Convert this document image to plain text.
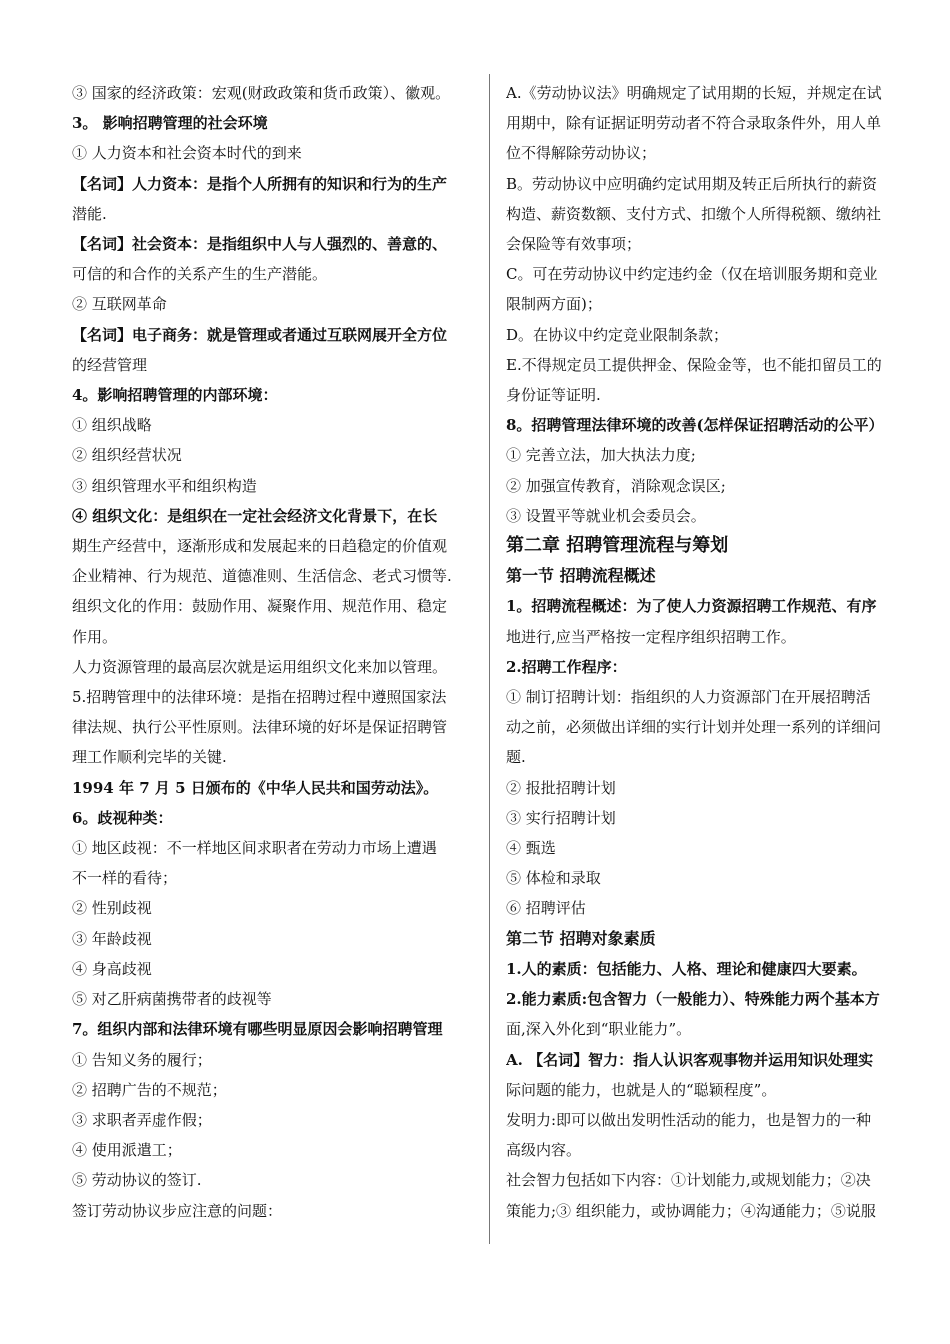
③ 国家的经济政策：宏观(财政政策和货币政策）、徽观。
3。 影响招聘管理的社会环境
① 人力资本和社会资本时代的到来
【名词】人力资本：是指个人所拥有的知识和行为的生产
潜能.
【名词】社会资本：是指组织中人与人强烈的、善意的、
可信的和合作的关系产生的生产潜能。
② 互联网革命
【名词】电子商务：就是管理或者通过互联网展开全方位
的经营管理
4。影响招聘管理的内部环境：
① 组织战略
② 组织经营状况
③ 组织管理水平和组织构造
④ 组织文化：是组织在一定社会经济文化背景下，在长
期生产经营中，逐渐形成和发展起来的日趋稳定的价值观
企业精神、行为规范、道德准则、生活信念、老式习惯等.
组织文化的作用：鼓励作用、凝聚作用、规范作用、稳定
作用。
人力资源管理的最高层次就是运用组织文化来加以管理。
5.招聘管理中的法律环境：是指在招聘过程中遵照国家法
律法规、执行公平性原则。法律环境的好坏是保证招聘管
理工作顺利完毕的关键.
1994 年 7 月 5 日颁布的《中华人民共和国劳动法》。
6。歧视种类：
① 地区歧视：不一样地区间求职者在劳动力市场上遭遇
不一样的看待；
② 性别歧视
③ 年龄歧视
④ 身高歧视
⑤ 对乙肝病菌携带者的歧视等
7。组织内部和法律环境有哪些明显原因会影响招聘管理
① 告知义务的履行；
② 招聘广告的不规范；
③ 求职者弄虚作假；
④ 使用派遣工；
⑤ 劳动协议的签订.
签订劳动协议步应注意的问题：
A.《劳动协议法》明确规定了试用期的长短，并规定在试
用期中，除有证据证明劳动者不符合录取条件外，用人单
位不得解除劳动协议；
B。劳动协议中应明确约定试用期及转正后所执行的薪资
构造、薪资数额、支付方式、扣缴个人所得税额、缴纳社
会保险等有效事项；
C。可在劳动协议中约定违约金（仅在培训服务期和竞业
限制两方面)；
D。在协议中约定竞业限制条款；
E.不得规定员工提供押金、保险金等，也不能扣留员工的
身份证等证明.
8。招聘管理法律环境的改善(怎样保证招聘活动的公平）
① 完善立法，加大执法力度;
② 加强宣传教育，消除观念误区;
③ 设置平等就业机会委员会。
第二章 招聘管理流程与筹划
第一节 招聘流程概述
1。招聘流程概述：为了使人力资源招聘工作规范、有序
地进行,应当严格按一定程序组织招聘工作。
2.招聘工作程序：
① 制订招聘计划：指组织的人力资源部门在开展招聘活
动之前，必须做出详细的实行计划并处理一系列的详细问
题.
② 报批招聘计划
③ 实行招聘计划
④ 甄选
⑤ 体检和录取
⑥ 招聘评估
第二节 招聘对象素质
1.人的素质：包括能力、人格、理论和健康四大要素。
2.能力素质:包含智力（一般能力）、特殊能力两个基本方
面,深入外化到“职业能力”。
A. 【名词】智力：指人认识客观事物并运用知识处理实
际问题的能力，也就是人的“聪颖程度”。
发明力:即可以做出发明性活动的能力，也是智力的一种
高级内容。
社会智力包括如下内容：①计划能力,或规划能力；②决
策能力;③ 组织能力，或协调能力；④沟通能力；⑤说服
